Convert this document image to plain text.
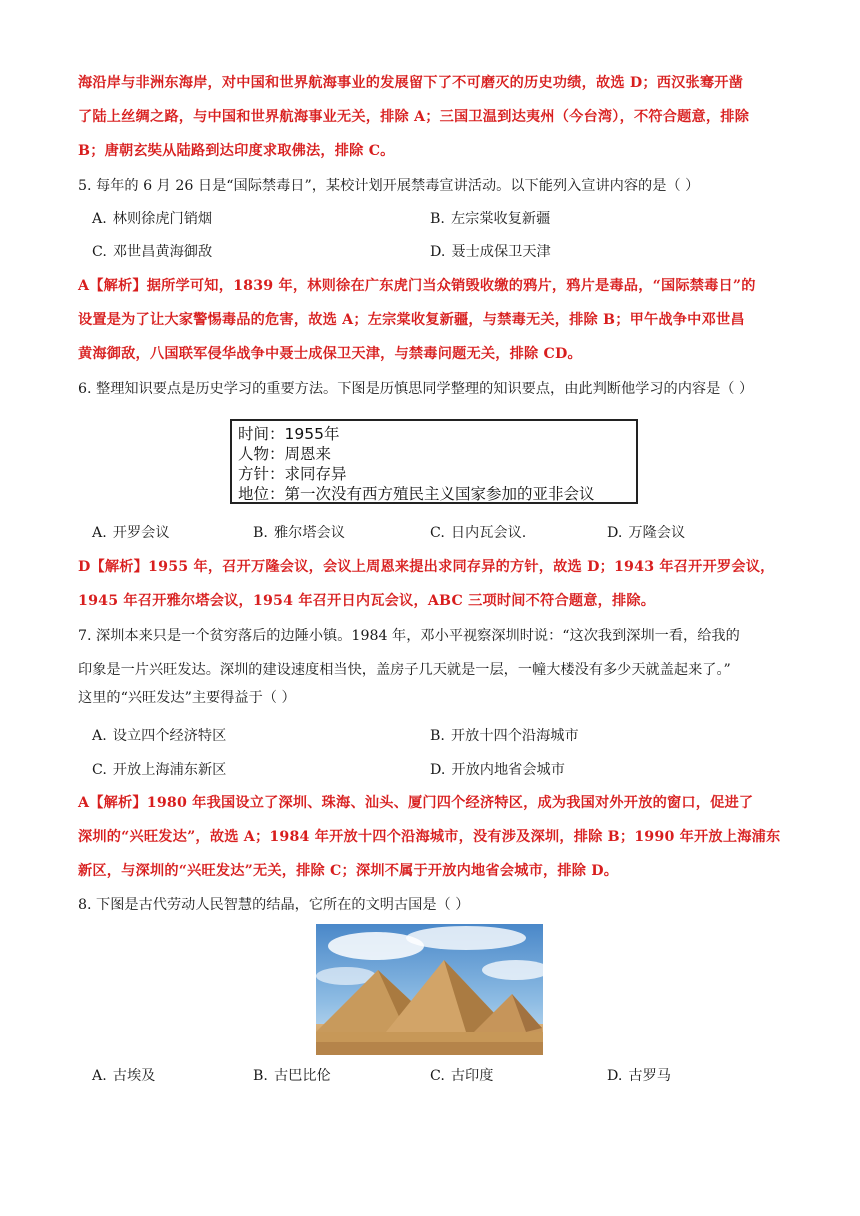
海沿岸与非洲东海岸，对中国和世界航海事业的发展留下了不可磨灭的历史功绩，故选 D；西汉张骞开凿
了陆上丝绸之路，与中国和世界航海事业无关，排除 A；三国卫温到达夷州（今台湾），不符合题意，排除
B；唐朝玄奘从陆路到达印度求取佛法，排除 C。
5. 每年的 6 月 26 日是“国际禁毒日”，某校计划开展禁毒宣讲活动。以下能列入宣讲内容的是（ ）
A. 林则徐虎门销烟	B. 左宗棠收复新疆
C. 邓世昌黄海御敌	D. 聂士成保卫天津
A【解析】据所学可知，1839 年，林则徐在广东虎门当众销毁收缴的鸦片，鸦片是毒品，“国际禁毒日”的
设置是为了让大家警惕毒品的危害，故选 A；左宗棠收复新疆，与禁毒无关，排除 B；甲午战争中邓世昌
黄海御敌，八国联军侵华战争中聂士成保卫天津，与禁毒问题无关，排除 CD。
6. 整理知识要点是历史学习的重要方法。下图是历慎思同学整理的知识要点，由此判断他学习的内容是（ ）
时间：1955年
人物：周恩来
方针：求同存异
地位：第一次没有西方殖民主义国家参加的亚非会议
A. 开罗会议	B. 雅尔塔会议	C. 日内瓦会议.	D. 万隆会议
D【解析】1955 年，召开万隆会议，会议上周恩来提出求同存异的方针，故选 D；1943 年召开开罗会议，
1945 年召开雅尔塔会议，1954 年召开日内瓦会议，ABC 三项时间不符合题意，排除。
7. 深圳本来只是一个贫穷落后的边陲小镇。1984 年，邓小平视察深圳时说：“这次我到深圳一看，给我的
印象是一片兴旺发达。深圳的建设速度相当快，盖房子几天就是一层，一幢大楼没有多少天就盖起来了。”
这里的“兴旺发达”主要得益于（ ）
A. 设立四个经济特区	B. 开放十四个沿海城市
C. 开放上海浦东新区	D. 开放内地省会城市
A【解析】1980 年我国设立了深圳、珠海、汕头、厦门四个经济特区，成为我国对外开放的窗口，促进了
深圳的“兴旺发达”，故选 A；1984 年开放十四个沿海城市，没有涉及深圳，排除 B；1990 年开放上海浦东
新区，与深圳的“兴旺发达”无关，排除 C；深圳不属于开放内地省会城市，排除 D。
8. 下图是古代劳动人民智慧的结晶，它所在的文明古国是（ ）
A. 古埃及	B. 古巴比伦	C. 古印度	D. 古罗马
